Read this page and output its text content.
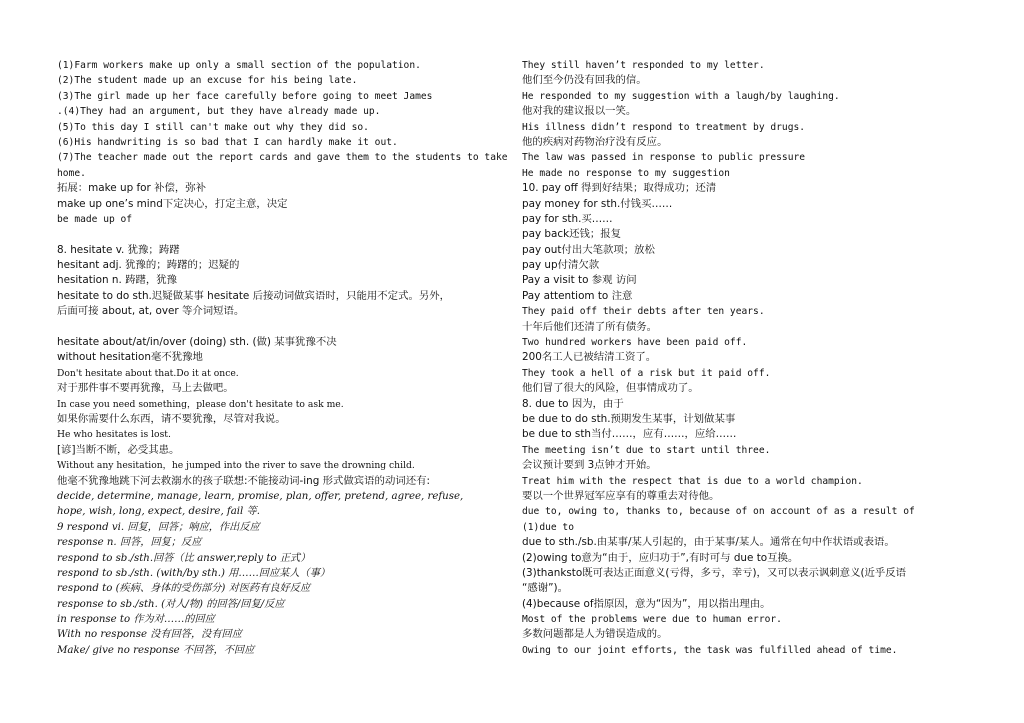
(1)Farm workers make up only a small section of the population.
(2)The student made up an excuse for his being late.
(3)The girl made up her face carefully before going to meet James
.(4)They had an argument, but they have already made up.
(5)To this day I still can't make out why they did so.
(6)His handwriting is so bad that I can hardly make it out.
(7)The teacher made out the report cards and gave them to the students to take
home.
拓展：make up for 补偿，弥补
make up one’s mind下定决心，打定主意，决定
be made up of
8. hesitate v. 犹豫；踌躇
hesitant adj. 犹豫的；踌躇的；迟疑的
hesitation n. 踌躇，犹豫
hesitate to do sth.迟疑做某事 hesitate 后接动词做宾语时，只能用不定式。另外，
后面可接 about, at, over 等介词短语。
hesitate about/at/in/over (doing) sth. (做) 某事犹豫不决
without hesitation毫不犹豫地
Don't hesitate about that.Do it at once.
对于那件事不要再犹豫，马上去做吧。
In case you need something，please don't hesitate to ask me.
如果你需要什么东西，请不要犹豫，尽管对我说。
He who hesitates is lost.
[谚]当断不断，必受其患。
Without any hesitation，he jumped into the river to save the drowning child.
他毫不犹豫地跳下河去救溺水的孩子联想:不能接动词-ing 形式做宾语的动词还有:
decide, determine, manage, learn, promise, plan, offer, pretend, agree, refuse,
hope, wish, long, expect, desire, fail 等.
9 respond vi. 回复，回答；响应，作出反应
response n. 回答，回复；反应
respond to sb./sth.回答（比 answer,reply to 正式）
respond to sb./sth. (with/by sth.) 用……回应某人（事）
respond to (疾病、身体的受伤部分) 对医药有良好反应
response to sb./sth. (对人/物) 的回答/回复/反应
in response to 作为对……的回应
With no response 没有回答，没有回应
Make/ give no response 不回答，不回应
They still haven’t responded to my letter.
他们至今仍没有回我的信。
He responded to my suggestion with a laugh/by laughing.
他对我的建议报以一笑。
His illness didn’t respond to treatment by drugs.
他的疾病对药物治疗没有反应。
The law was passed in response to public pressure
He made no response to my suggestion
10. pay off 得到好结果；取得成功；还清
pay money for sth.付钱买……
pay for sth.买……
pay back还钱；报复
pay out付出大笔款项；放松
pay up付清欠款
Pay a visit to 参观 访问
Pay attentiom to 注意
They paid off their debts after ten years.
十年后他们还清了所有债务。
Two hundred workers have been paid off.
200名工人已被结清工资了。
They took a hell of a risk but it paid off.
他们冒了很大的风险，但事情成功了。
8. due to 因为，由于
be due to do sth.预期发生某事，计划做某事
be due to sth当付……，应有……，应给……
The meeting isn’t due to start until three.
会议预计要到 3点钟才开始。
Treat him with the respect that is due to a world champion.
要以一个世界冠军应享有的尊重去对待他。
due to, owing to, thanks to, because of on account of as a result of
(1)due to
due to sth./sb.由某事/某人引起的，由于某事/某人。通常在句中作状语或表语。
(2)owing to意为“由于，应归功于”,有时可与 due to互换。
(3)thanksto既可表达正面意义(亏得，多亏，幸亏)，又可以表示讽刺意义(近乎反语
“感谢”)。
(4)because of指原因，意为“因为”，用以指出理由。
Most of the problems were due to human error.
多数问题都是人为错误造成的。
Owing to our joint efforts, the task was fulfilled ahead of time.
